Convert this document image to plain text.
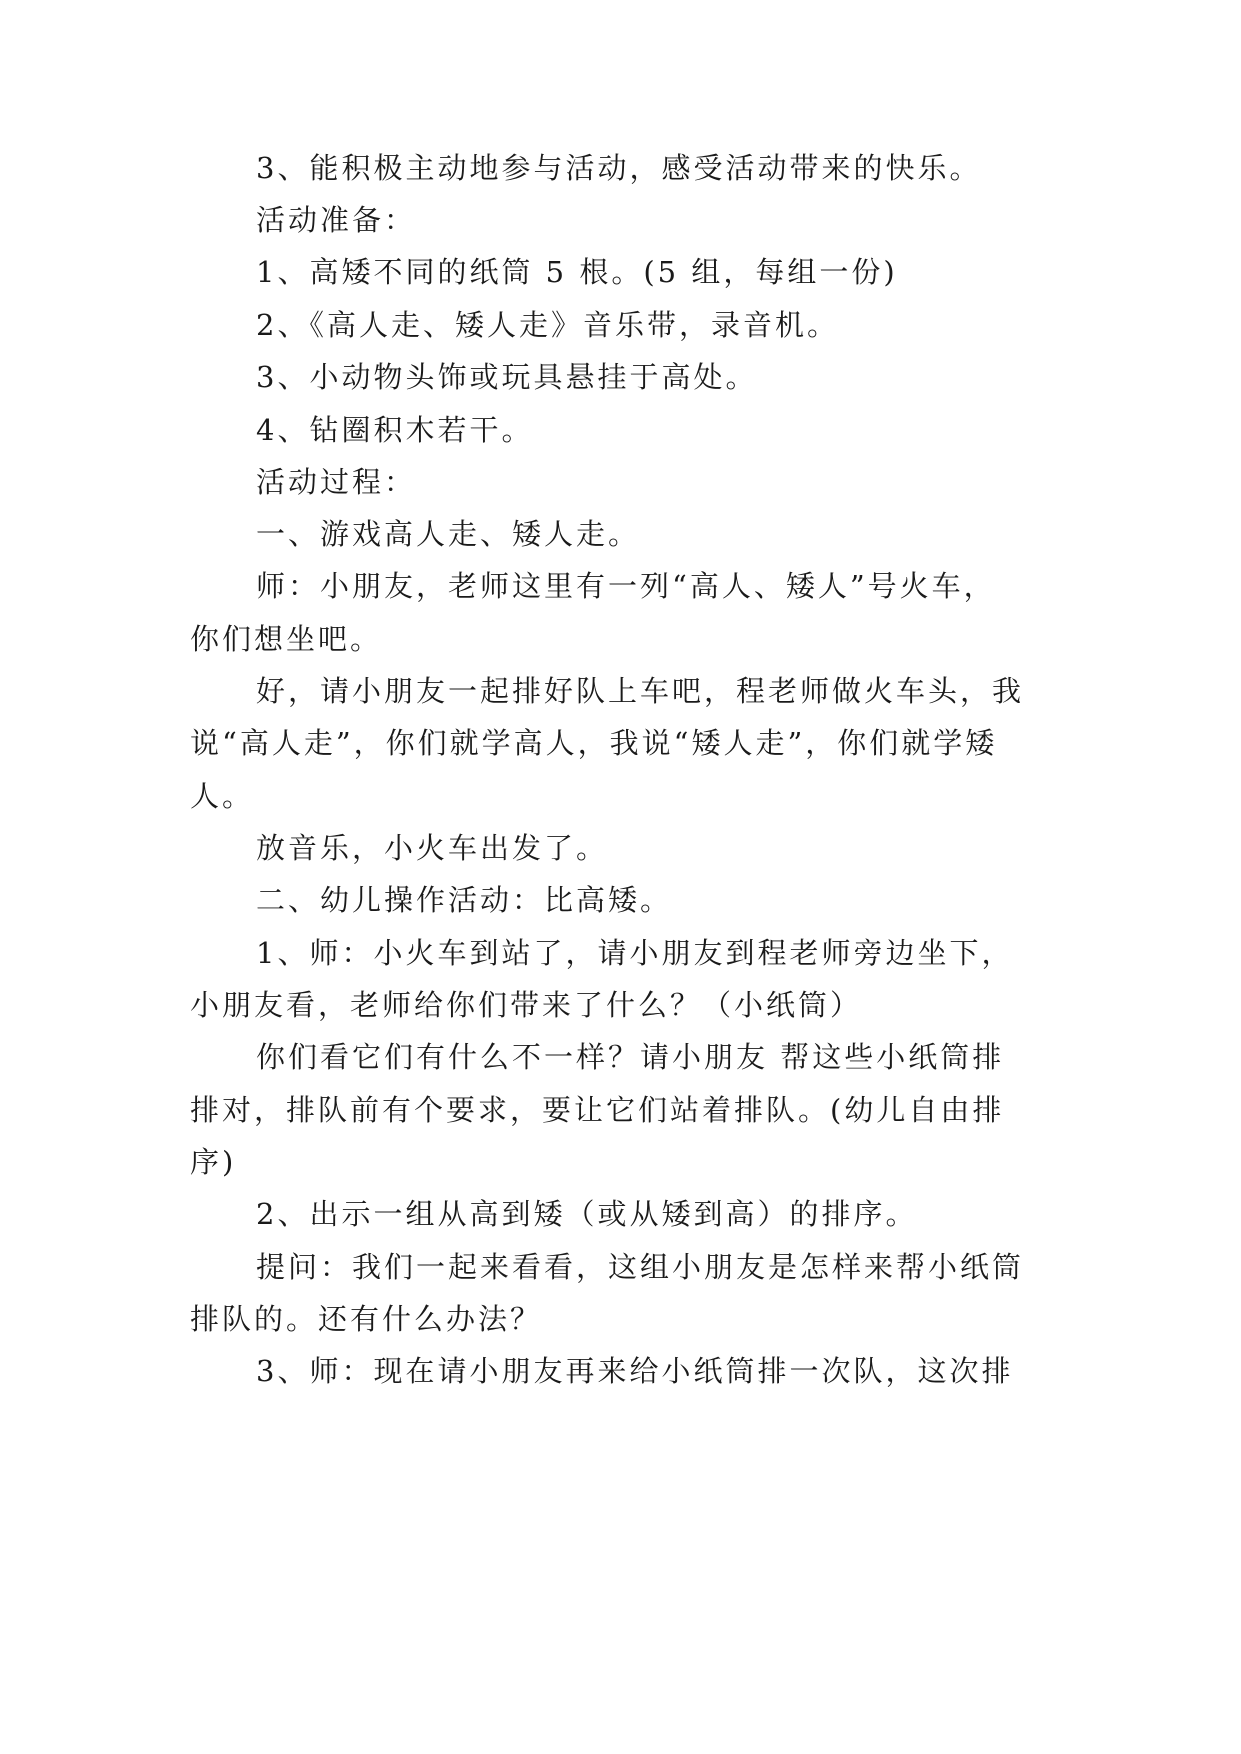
3、能积极主动地参与活动，感受活动带来的快乐。
活动准备：
1、高矮不同的纸筒 5 根。(5 组，每组一份)
2、《高人走、矮人走》音乐带，录音机。
3、小动物头饰或玩具悬挂于高处。
4、钻圈积木若干。
活动过程：
一、游戏高人走、矮人走。
师：小朋友，老师这里有一列“高人、矮人”号火车，
你们想坐吧。
好，请小朋友一起排好队上车吧，程老师做火车头，我
说“高人走”，你们就学高人，我说“矮人走”，你们就学矮
人。
放音乐，小火车出发了。
二、幼儿操作活动：比高矮。
1、师：小火车到站了，请小朋友到程老师旁边坐下，
小朋友看，老师给你们带来了什么？（小纸筒）
你们看它们有什么不一样？请小朋友 帮这些小纸筒排
排对，排队前有个要求，要让它们站着排队。(幼儿自由排
序)
2、出示一组从高到矮（或从矮到高）的排序。
提问：我们一起来看看，这组小朋友是怎样来帮小纸筒
排队的。还有什么办法？
3、师：现在请小朋友再来给小纸筒排一次队，这次排
